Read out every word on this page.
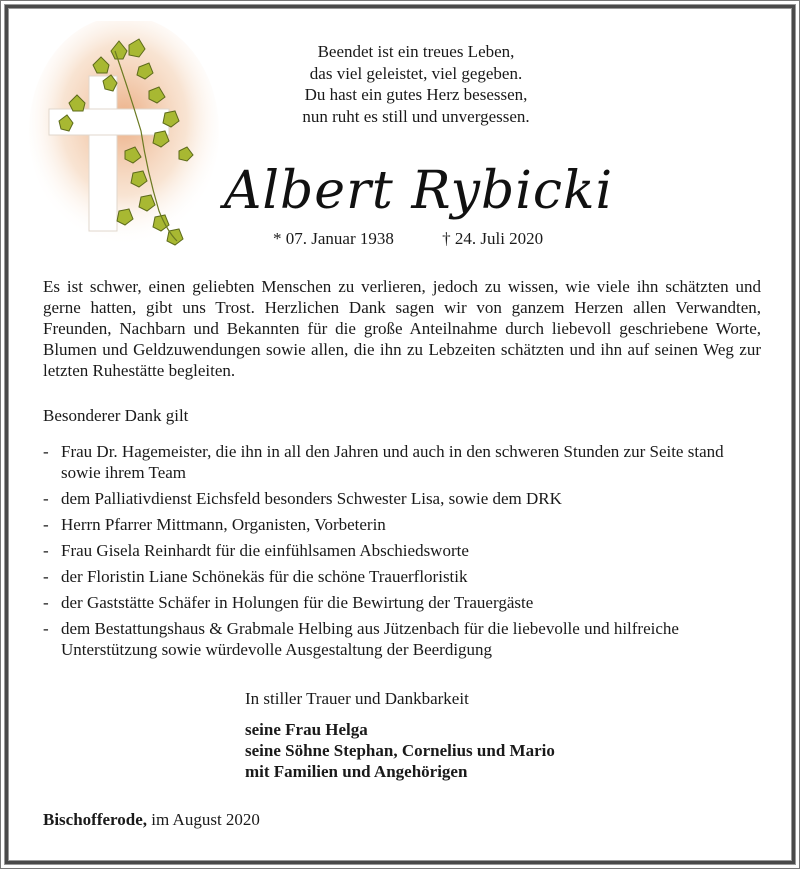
Beendet ist ein treues Leben,
das viel geleistet, viel gegeben.
Du hast ein gutes Herz besessen,
nun ruht es still und unvergessen.
Albert Rybicki
* 07. Januar 1938	† 24. Juli 2020
Es ist schwer, einen geliebten Menschen zu verlieren, jedoch zu wissen, wie viele ihn schätzten und gerne hatten, gibt uns Trost. Herzlichen Dank sagen wir von ganzem Herzen allen Verwandten, Freunden, Nachbarn und Bekannten für die große Anteilnahme durch liebevoll geschriebene Worte, Blumen und Geldzuwendungen sowie allen, die ihn zu Lebzeiten schätzten und ihn auf seinen Weg zur letzten Ruhestätte begleiten.
Besonderer Dank gilt
- Frau Dr. Hagemeister, die ihn in all den Jahren und auch in den schweren Stunden zur Seite stand sowie ihrem Team
- dem Palliativdienst Eichsfeld besonders Schwester Lisa, sowie dem DRK
- Herrn Pfarrer Mittmann, Organisten, Vorbeterin
- Frau Gisela Reinhardt für die einfühlsamen Abschiedsworte
- der Floristin Liane Schönekäs für die schöne Trauerfloristik
- der Gaststätte Schäfer in Holungen für die Bewirtung der Trauergäste
- dem Bestattungshaus & Grabmale Helbing aus Jützenbach für die liebevolle und hilfreiche Unterstützung sowie würdevolle Ausgestaltung der Beerdigung
In stiller Trauer und Dankbarkeit
seine Frau Helga
seine Söhne Stephan, Cornelius und Mario
mit Familien und Angehörigen
Bischofferode, im August 2020
